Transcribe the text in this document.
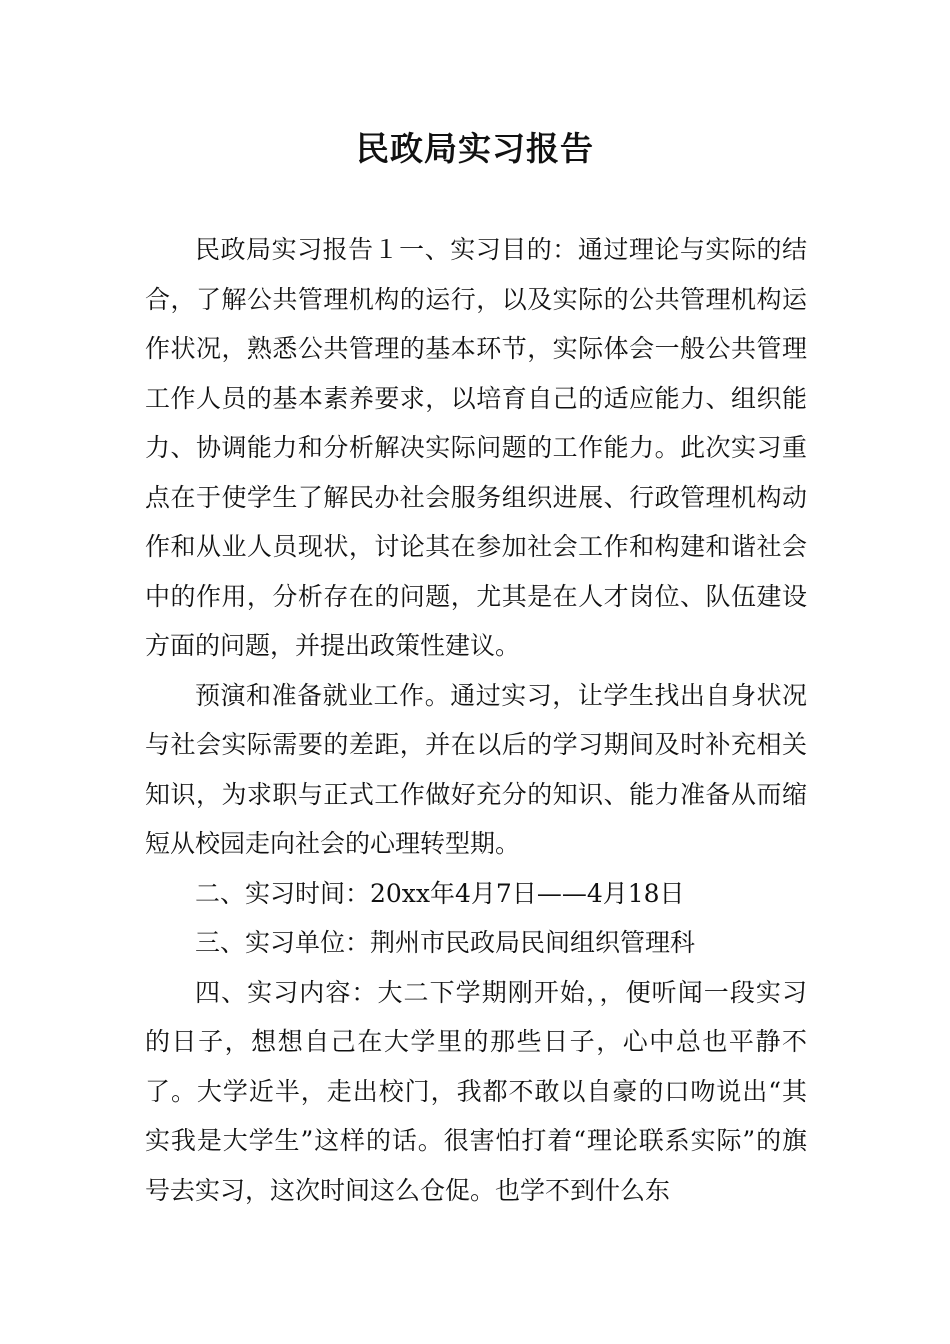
民政局实习报告

民政局实习报告１一、实习目的：通过理论与实际的结合，了解公共管理机构的运行，以及实际的公共管理机构运作状况，熟悉公共管理的基本环节，实际体会一般公共管理工作人员的基本素养要求，以培育自己的适应能力、组织能力、协调能力和分析解决实际问题的工作能力。此次实习重点在于使学生了解民办社会服务组织进展、行政管理机构动作和从业人员现状，讨论其在参加社会工作和构建和谐社会中的作用，分析存在的问题，尤其是在人才岗位、队伍建设方面的问题，并提出政策性建议。

预演和准备就业工作。通过实习，让学生找出自身状况与社会实际需要的差距，并在以后的学习期间及时补充相关知识，为求职与正式工作做好充分的知识、能力准备从而缩短从校园走向社会的心理转型期。

二、实习时间：20xx年4月7日——4月18日

三、实习单位：荆州市民政局民间组织管理科

四、实习内容：大二下学期刚开始，，便听闻一段实习的日子，想想自己在大学里的那些日子，心中总也平静不了。大学近半，走出校门，我都不敢以自豪的口吻说出“其实我是大学生”这样的话。很害怕打着“理论联系实际”的旗号去实习，这次时间这么仓促。也学不到什么东
